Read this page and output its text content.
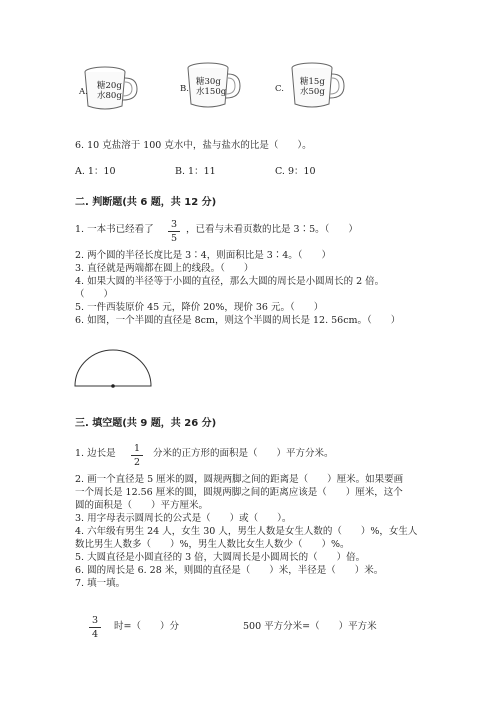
A.
糖20g
水80g
B.
糖30g
水150g	C.
糖15g
水50g
6. 10 克盐溶于 100 克水中，盐与盐水的比是（　　）。
A. 1：10	B. 1：11	C. 9：10
二. 判断题(共 6 题，共 12 分)
1. 一本书已经看了	3
5
，已看与未看页数的比是 3∶5。（　　）
2. 两个圆的半径长度比是 3∶4，则面积比是 3∶4。（　　）
3. 直径就是两端都在圆上的线段。（　　）
4. 如果大圆的半径等于小圆的直径，那么大圆的周长是小圆周长的 2 倍。
（　　）
5. 一件西装原价 45 元，降价 20%，现价 36 元。（　　）
6. 如图，一个半圆的直径是 8cm，则这个半圆的周长是 12. 56cm。（　　）
三. 填空题(共 9 题，共 26 分)
1. 边长是	1
2
分米的正方形的面积是（　　）平方分米。
2. 画一个直径是 5 厘米的圆，圆规两脚之间的距离是（　　）厘米。如果要画
一个周长是 12.56 厘米的圆，圆规两脚之间的距离应该是（　　）厘米，这个
圆的面积是（　　）平方厘米。
3. 用字母表示圆周长的公式是（　　）或（　　）。
4. 六年级有男生 24 人，女生 30 人，男生人数是女生人数的（　　）%，女生人
数比男生人数多（　　）%，男生人数比女生人数少（　　）%。
5. 大圆直径是小圆直径的 3 倍，大圆周长是小圆周长的（　　）倍。
6. 圆的周长是 6. 28 米，则圆的直径是（　　）米，半径是（　　）米。
7. 填一填。
3
4
时=（　　）分	500 平方分米=（　　）平方米
